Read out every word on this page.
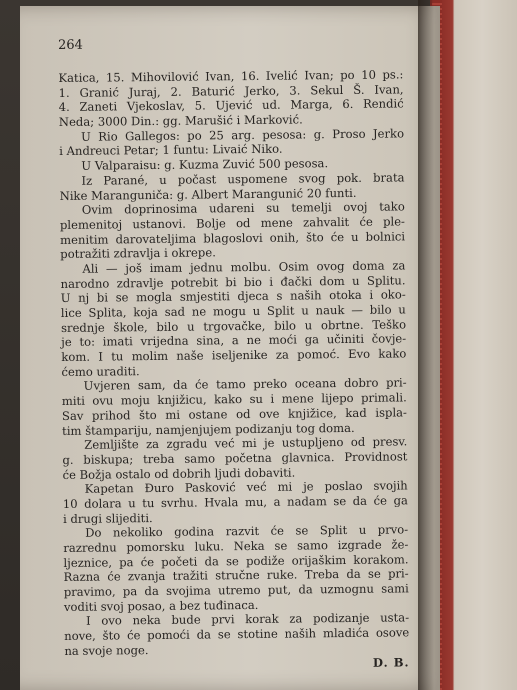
264
Katica, 15. Mihovilović Ivan, 16. Ivelić Ivan; po 10 ps.:
1. Granić Juraj, 2. Baturić Jerko, 3. Sekul Š. Ivan,
4. Zaneti Vjekoslav, 5. Ujević ud. Marga, 6. Rendić
Neda; 3000 Din.: gg. Marušić i Marković.
U Rio Gallegos: po 25 arg. pesosa: g. Proso Jerko
i Andreuci Petar; 1 funtu: Livaić Niko.
U Valparaisu: g. Kuzma Zuvić 500 pesosa.
Iz Parané, u počast uspomene svog pok. brata
Nike Maranguniča: g. Albert Marangunić 20 funti.
Ovim doprinosima udareni su temelji ovoj tako
plemenitoj ustanovi. Bolje od mene zahvalit će ple-
menitim darovateljima blagoslovi onih, što će u bolnici
potražiti zdravlja i okrepe.
Ali — još imam jednu molbu. Osim ovog doma za
narodno zdravlje potrebit bi bio i đački dom u Splitu.
U nj bi se mogla smjestiti djeca s naših otoka i oko-
lice Splita, koja sad ne mogu u Split u nauk — bilo u
srednje škole, bilo u trgovačke, bilo u obrtne. Teško
je to: imati vrijedna sina, a ne moći ga učiniti čovje-
kom. I tu molim naše iseljenike za pomoć. Evo kako
ćemo uraditi.
Uvjeren sam, da će tamo preko oceana dobro pri-
miti ovu moju knjižicu, kako su i mene lijepo primali.
Sav prihod što mi ostane od ove knjižice, kad isplа-
tim štampariju, namjenjujem podizanju tog doma.
Zemljište za zgradu već mi je ustupljeno od presv.
g. biskupa; treba samo početna glavnica. Providnost
će Božja ostalo od dobrih ljudi dobaviti.
Kapetan Đuro Pasković već mi je poslao svojih
10 dolara u tu svrhu. Hvala mu, a nadam se da će ga
i drugi slijediti.
Do nekoliko godina razvit će se Split u prvo-
razrednu pomorsku luku. Neka se samo izgrade že-
ljeznice, pa će početi da se podiže orijaškim korakom.
Razna će zvanja tražiti stručne ruke. Treba da se pri-
pravimo, pa da svojima utremo put, da uzmognu sami
voditi svoj posao, a bez tuđinaca.
I ovo neka bude prvi korak za podizanje ustа-
nove, što će pomoći da se stotine naših mladića osove
na svoje noge.
D. B.
